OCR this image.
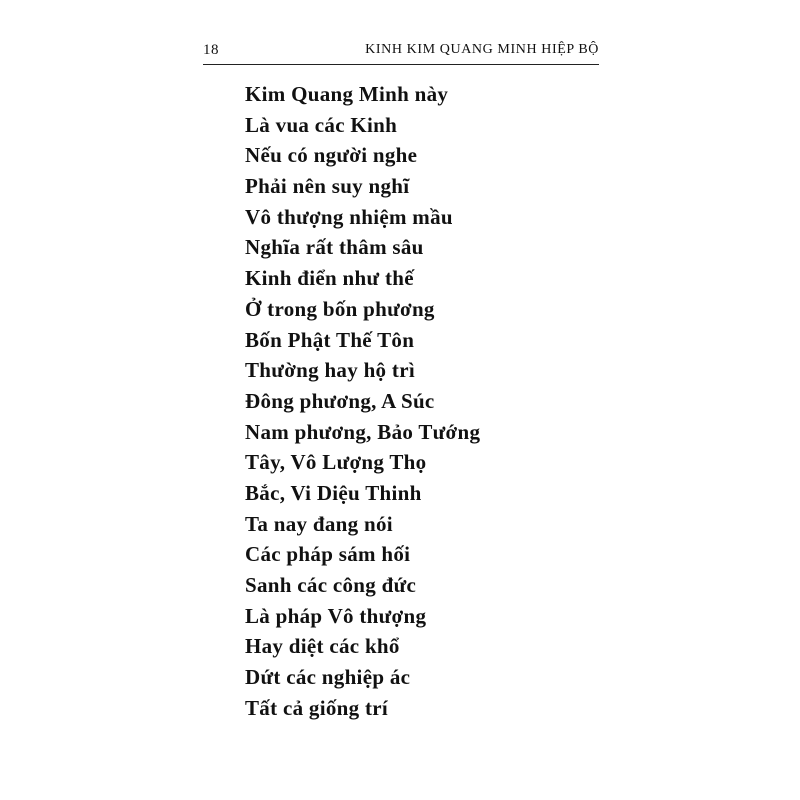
18	KINH KIM QUANG MINH HIỆP BỘ
Kim Quang Minh này
Là vua các Kinh
Nếu có người nghe
Phải nên suy nghĩ
Vô thượng nhiệm mầu
Nghĩa rất thâm sâu
Kinh điển như thế
Ở trong bốn phương
Bốn Phật Thế Tôn
Thường hay hộ trì
Đông phương, A Súc
Nam phương, Bảo Tướng
Tây, Vô Lượng Thọ
Bắc, Vi Diệu Thinh
Ta nay đang nói
Các pháp sám hối
Sanh các công đức
Là pháp Vô thượng
Hay diệt các khổ
Dứt các nghiệp ác
Tất cả giống trí
